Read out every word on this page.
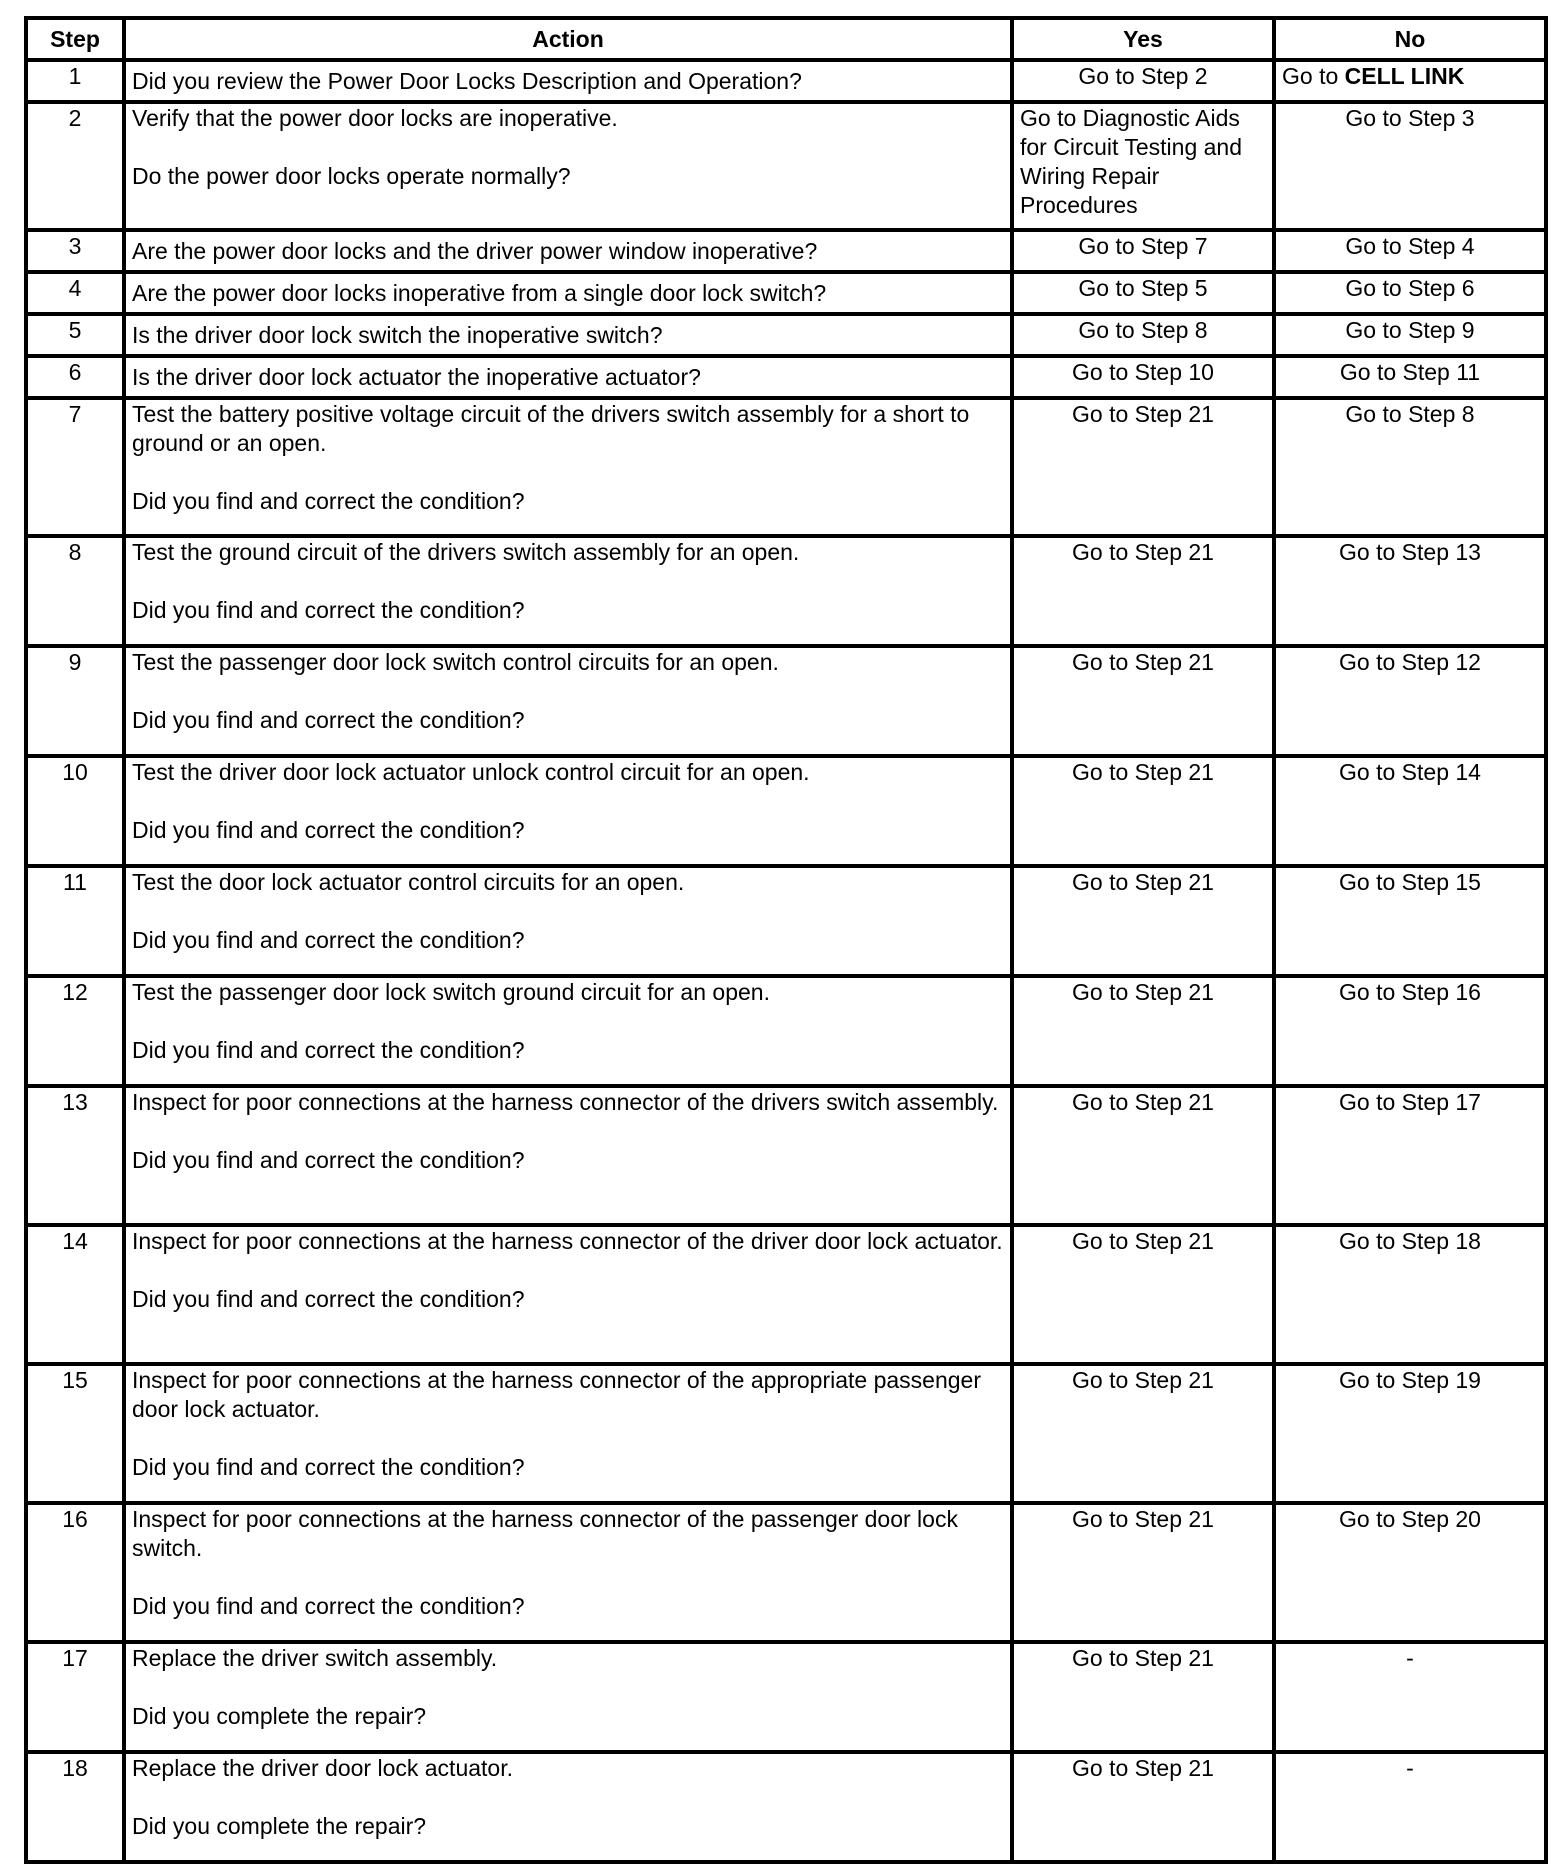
Step	Action	Yes	No
1	Did you review the Power Door Locks Description and Operation?	Go to Step 2	Go to CELL LINK
2	Verify that the power door locks are inoperative.
Do the power door locks operate normally?	Go to Diagnostic Aids for Circuit Testing and Wiring Repair Procedures	Go to Step 3
3	Are the power door locks and the driver power window inoperative?	Go to Step 7	Go to Step 4
4	Are the power door locks inoperative from a single door lock switch?	Go to Step 5	Go to Step 6
5	Is the driver door lock switch the inoperative switch?	Go to Step 8	Go to Step 9
6	Is the driver door lock actuator the inoperative actuator?	Go to Step 10	Go to Step 11
7	Test the battery positive voltage circuit of the drivers switch assembly for a short to ground or an open.
Did you find and correct the condition?	Go to Step 21	Go to Step 8
8	Test the ground circuit of the drivers switch assembly for an open.
Did you find and correct the condition?	Go to Step 21	Go to Step 13
9	Test the passenger door lock switch control circuits for an open.
Did you find and correct the condition?	Go to Step 21	Go to Step 12
10	Test the driver door lock actuator unlock control circuit for an open.
Did you find and correct the condition?	Go to Step 21	Go to Step 14
11	Test the door lock actuator control circuits for an open.
Did you find and correct the condition?	Go to Step 21	Go to Step 15
12	Test the passenger door lock switch ground circuit for an open.
Did you find and correct the condition?	Go to Step 21	Go to Step 16
13	Inspect for poor connections at the harness connector of the drivers switch assembly.
Did you find and correct the condition?	Go to Step 21	Go to Step 17
14	Inspect for poor connections at the harness connector of the driver door lock actuator.
Did you find and correct the condition?	Go to Step 21	Go to Step 18
15	Inspect for poor connections at the harness connector of the appropriate passenger door lock actuator.
Did you find and correct the condition?	Go to Step 21	Go to Step 19
16	Inspect for poor connections at the harness connector of the passenger door lock switch.
Did you find and correct the condition?	Go to Step 21	Go to Step 20
17	Replace the driver switch assembly.
Did you complete the repair?	Go to Step 21	-
18	Replace the driver door lock actuator.
Did you complete the repair?	Go to Step 21	-
